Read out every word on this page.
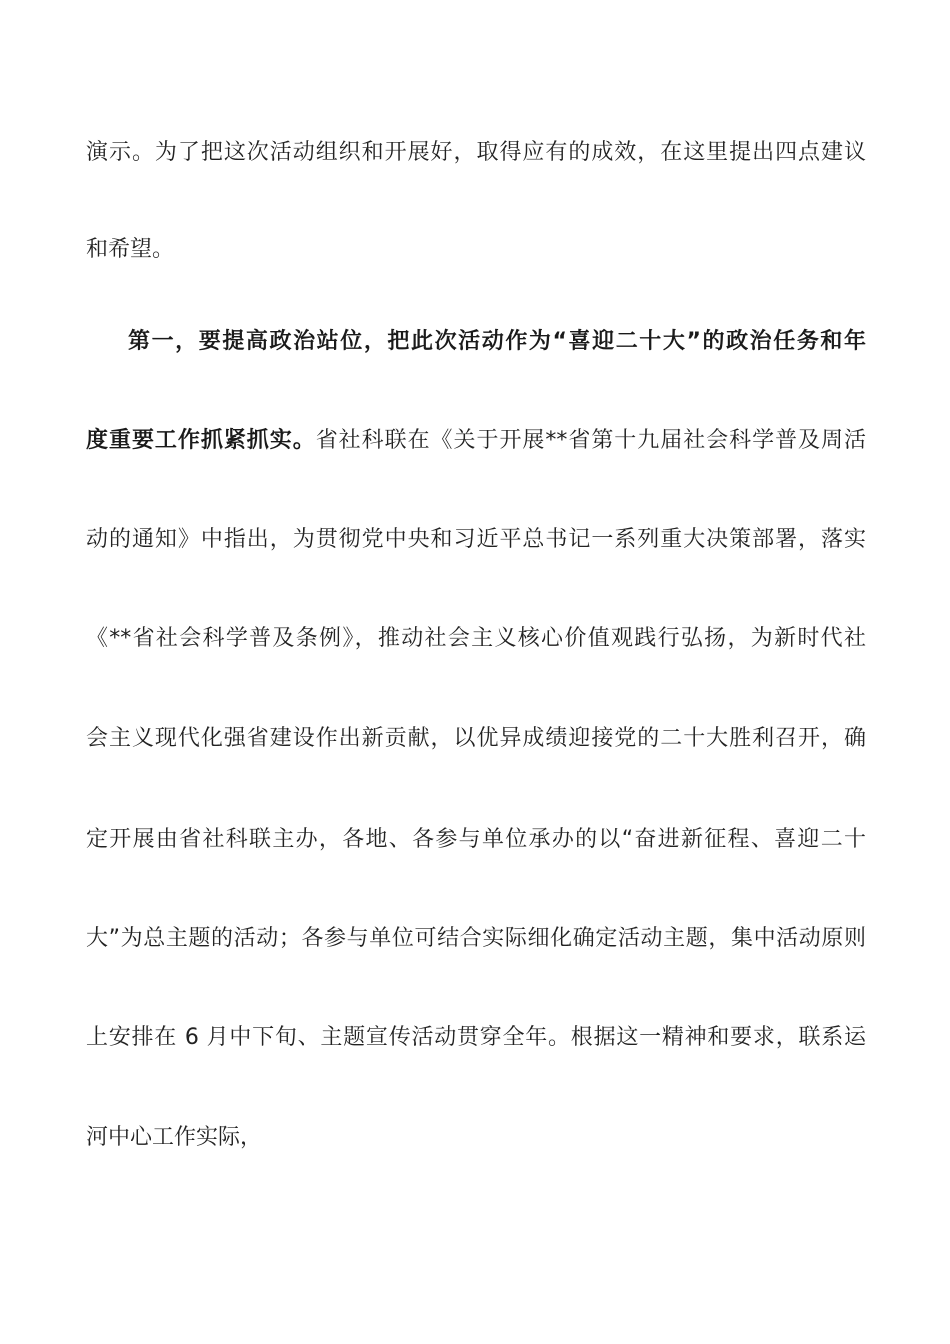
演示。为了把这次活动组织和开展好，取得应有的成效，在这里提出四点建议
和希望。
第一，要提高政治站位，把此次活动作为“喜迎二十大”的政治任务和年
度重要工作抓紧抓实。省社科联在《关于开展**省第十九届社会科学普及周活
动的通知》中指出，为贯彻党中央和习近平总书记一系列重大决策部署，落实
《**省社会科学普及条例》，推动社会主义核心价值观践行弘扬，为新时代社
会主义现代化强省建设作出新贡献，以优异成绩迎接党的二十大胜利召开，确
定开展由省社科联主办，各地、各参与单位承办的以“奋进新征程、喜迎二十
大”为总主题的活动；各参与单位可结合实际细化确定活动主题，集中活动原则
上安排在 6 月中下旬、主题宣传活动贯穿全年。根据这一精神和要求，联系运
河中心工作实际，
